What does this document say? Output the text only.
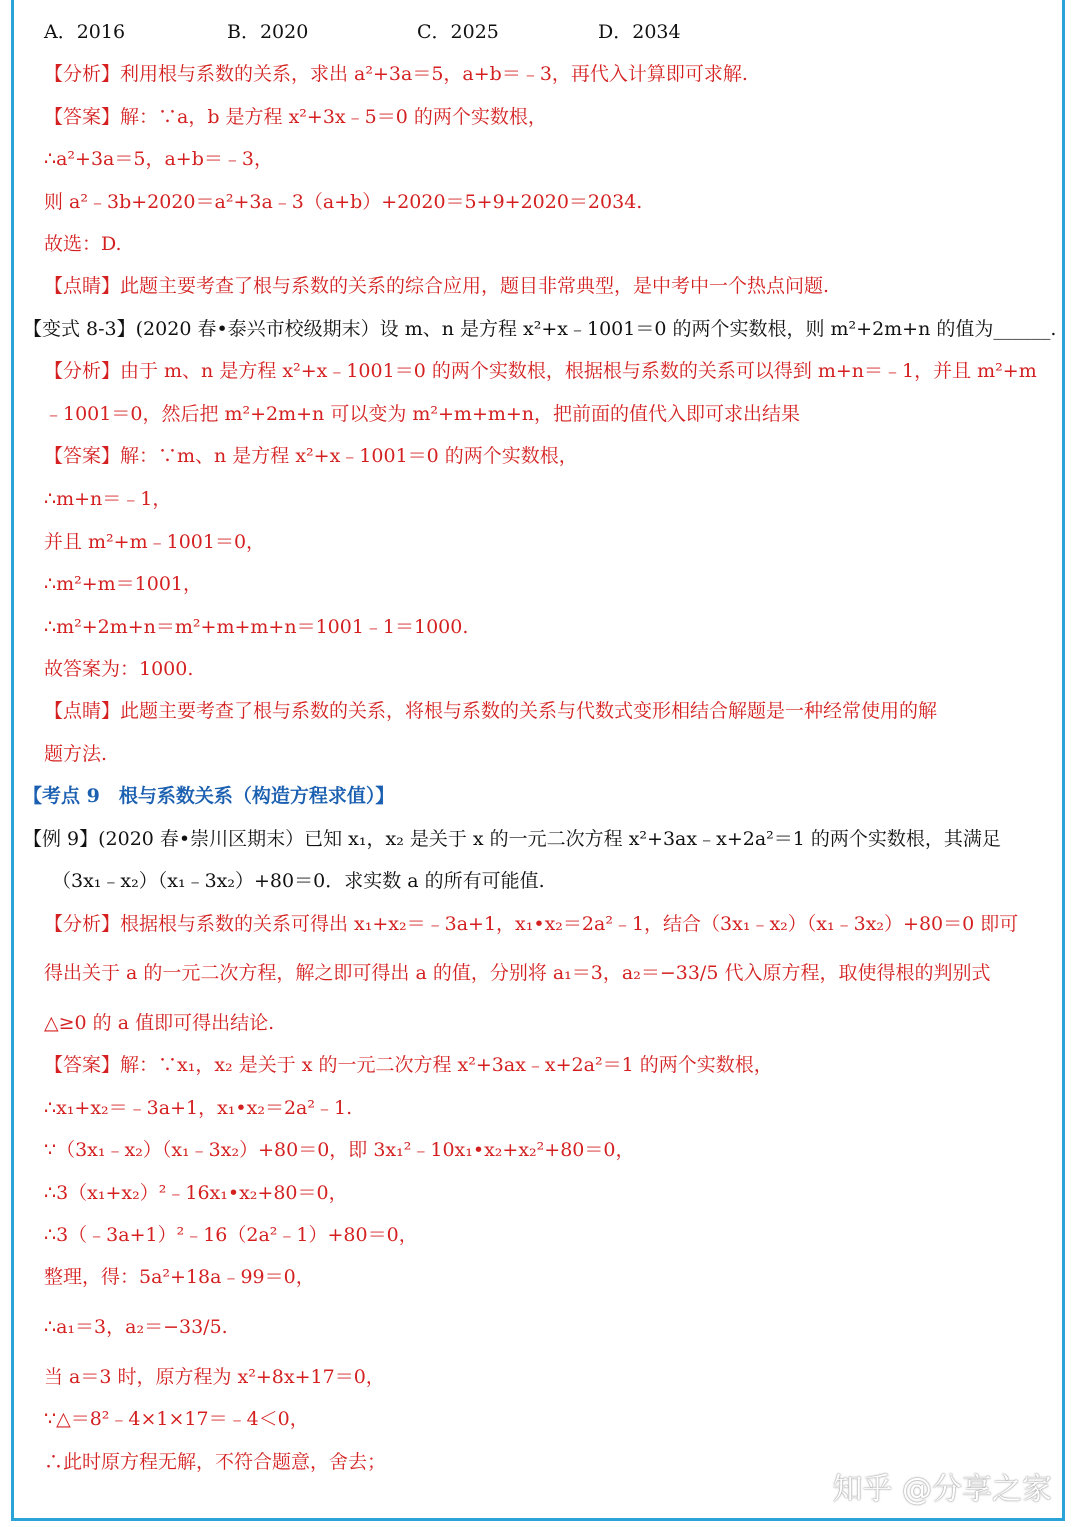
A．2016	B．2020	C．2025	D．2034
【分析】利用根与系数的关系，求出 a²+3a＝5，a+b＝﹣3，再代入计算即可求解.
【答案】解：∵a，b 是方程 x²+3x﹣5＝0 的两个实数根，
∴a²+3a＝5，a+b＝﹣3，
则 a²﹣3b+2020＝a²+3a﹣3（a+b）+2020＝5+9+2020＝2034.
故选：D.
【点睛】此题主要考查了根与系数的关系的综合应用，题目非常典型，是中考中一个热点问题.
【变式 8-3】(2020 春•泰兴市校级期末）设 m、n 是方程 x²+x﹣1001＝0 的两个实数根，则 m²+2m+n 的值为______.
【分析】由于 m、n 是方程 x²+x﹣1001＝0 的两个实数根，根据根与系数的关系可以得到 m+n＝﹣1，并且 m²+m
﹣1001＝0，然后把 m²+2m+n 可以变为 m²+m+m+n，把前面的值代入即可求出结果
【答案】解：∵m、n 是方程 x²+x﹣1001＝0 的两个实数根，
∴m+n＝﹣1，
并且 m²+m﹣1001＝0，
∴m²+m＝1001，
∴m²+2m+n＝m²+m+m+n＝1001﹣1＝1000.
故答案为：1000.
【点睛】此题主要考查了根与系数的关系，将根与系数的关系与代数式变形相结合解题是一种经常使用的解
题方法.
【考点 9　根与系数关系（构造方程求值）】
【例 9】(2020 春•崇川区期末）已知 x₁，x₂ 是关于 x 的一元二次方程 x²+3ax﹣x+2a²＝1 的两个实数根，其满足
（3x₁﹣x₂）（x₁﹣3x₂）+80＝0．求实数 a 的所有可能值.
【分析】根据根与系数的关系可得出 x₁+x₂＝﹣3a+1，x₁•x₂＝2a²﹣1，结合（3x₁﹣x₂）（x₁﹣3x₂）+80＝0 即可
得出关于 a 的一元二次方程，解之即可得出 a 的值，分别将 a₁＝3，a₂＝−33/5 代入原方程，取使得根的判别式
△≥0 的 a 值即可得出结论.
【答案】解：∵x₁，x₂ 是关于 x 的一元二次方程 x²+3ax﹣x+2a²＝1 的两个实数根，
∴x₁+x₂＝﹣3a+1，x₁•x₂＝2a²﹣1.
∵（3x₁﹣x₂）（x₁﹣3x₂）+80＝0，即 3x₁²﹣10x₁•x₂+x₂²+80＝0，
∴3（x₁+x₂）²﹣16x₁•x₂+80＝0，
∴3（﹣3a+1）²﹣16（2a²﹣1）+80＝0，
整理，得：5a²+18a﹣99＝0，
∴a₁＝3，a₂＝−33/5.
当 a＝3 时，原方程为 x²+8x+17＝0，
∵△＝8²﹣4×1×17＝﹣4＜0，
∴此时原方程无解，不符合题意，舍去；
知乎 @分享之家
